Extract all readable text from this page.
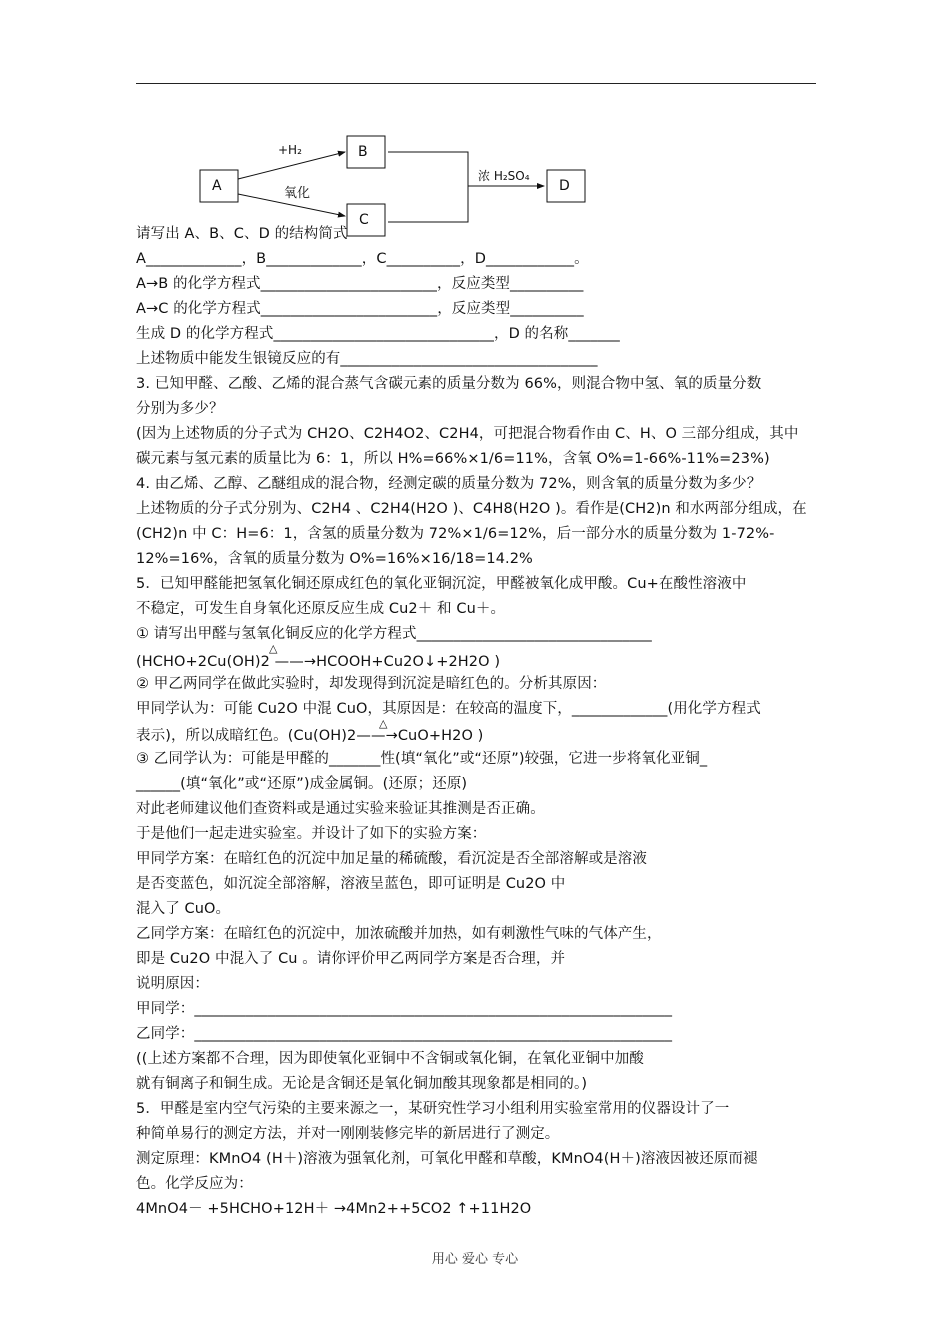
A
B
C
D
+H₂
氧化
浓 H₂SO₄
请写出 A、B、C、D 的结构简式
A_____________，B_____________，C__________，D____________。
A→B 的化学方程式________________________，反应类型__________
A→C 的化学方程式________________________，反应类型__________
生成 D 的化学方程式______________________________，D 的名称_______
上述物质中能发生银镜反应的有___________________________________
3. 已知甲醛、乙酸、乙烯的混合蒸气含碳元素的质量分数为 66%，则混合物中氢、氧的质量分数
分别为多少？
(因为上述物质的分子式为 CH2O、C2H4O2、C2H4，可把混合物看作由 C、H、O 三部分组成，其中
碳元素与氢元素的质量比为 6：1，所以 H%=66%×1/6=11%，含氧 O%=1-66%-11%=23%)
4. 由乙烯、乙醇、乙醚组成的混合物，经测定碳的质量分数为 72%，则含氧的质量分数为多少？
上述物质的分子式分别为、C2H4 、C2H4(H2O )、C4H8(H2O )。看作是(CH2)n 和水两部分组成，在
(CH2)n 中 C：H=6：1，含氢的质量分数为 72%×1/6=12%，后一部分水的质量分数为 1-72%-
12%=16%，含氧的质量分数为 O%=16%×16/18=14.2%
5．已知甲醛能把氢氧化铜还原成红色的氧化亚铜沉淀，甲醛被氧化成甲酸。Cu+在酸性溶液中
不稳定，可发生自身氧化还原反应生成 Cu2＋ 和 Cu＋。
① 请写出甲醛与氢氧化铜反应的化学方程式________________________________
△
(HCHO+2Cu(OH)2 ——→HCOOH+Cu2O↓+2H2O )
② 甲乙两同学在做此实验时，却发现得到沉淀是暗红色的。分析其原因：
甲同学认为：可能 Cu2O 中混 CuO，其原因是：在较高的温度下，_____________(用化学方程式
△
表示)，所以成暗红色。(Cu(OH)2——→CuO+H2O )
③ 乙同学认为：可能是甲醛的_______性(填“氧化”或“还原”)较强，它进一步将氧化亚铜_
______(填“氧化”或“还原”)成金属铜。(还原；还原)
对此老师建议他们查资料或是通过实验来验证其推测是否正确。
于是他们一起走进实验室。并设计了如下的实验方案：
甲同学方案：在暗红色的沉淀中加足量的稀硫酸，看沉淀是否全部溶解或是溶液
是否变蓝色，如沉淀全部溶解，溶液呈蓝色，即可证明是 Cu2O 中
混入了 CuO。
乙同学方案：在暗红色的沉淀中，加浓硫酸并加热，如有刺激性气味的气体产生，
即是 Cu2O 中混入了 Cu 。请你评价甲乙两同学方案是否合理，并
说明原因：
甲同学：_________________________________________________________________
乙同学：_________________________________________________________________
((上述方案都不合理，因为即使氧化亚铜中不含铜或氧化铜，在氧化亚铜中加酸
就有铜离子和铜生成。无论是含铜还是氧化铜加酸其现象都是相同的。)
5．甲醛是室内空气污染的主要来源之一，某研究性学习小组利用实验室常用的仪器设计了一
种简单易行的测定方法，并对一刚刚装修完毕的新居进行了测定。
测定原理：KMnO4 (H＋)溶液为强氧化剂，可氧化甲醛和草酸，KMnO4(H＋)溶液因被还原而褪
色。化学反应为：
4MnO4－ +5HCHO+12H＋ →4Mn2++5CO2 ↑+11H2O
用心 爱心 专心
